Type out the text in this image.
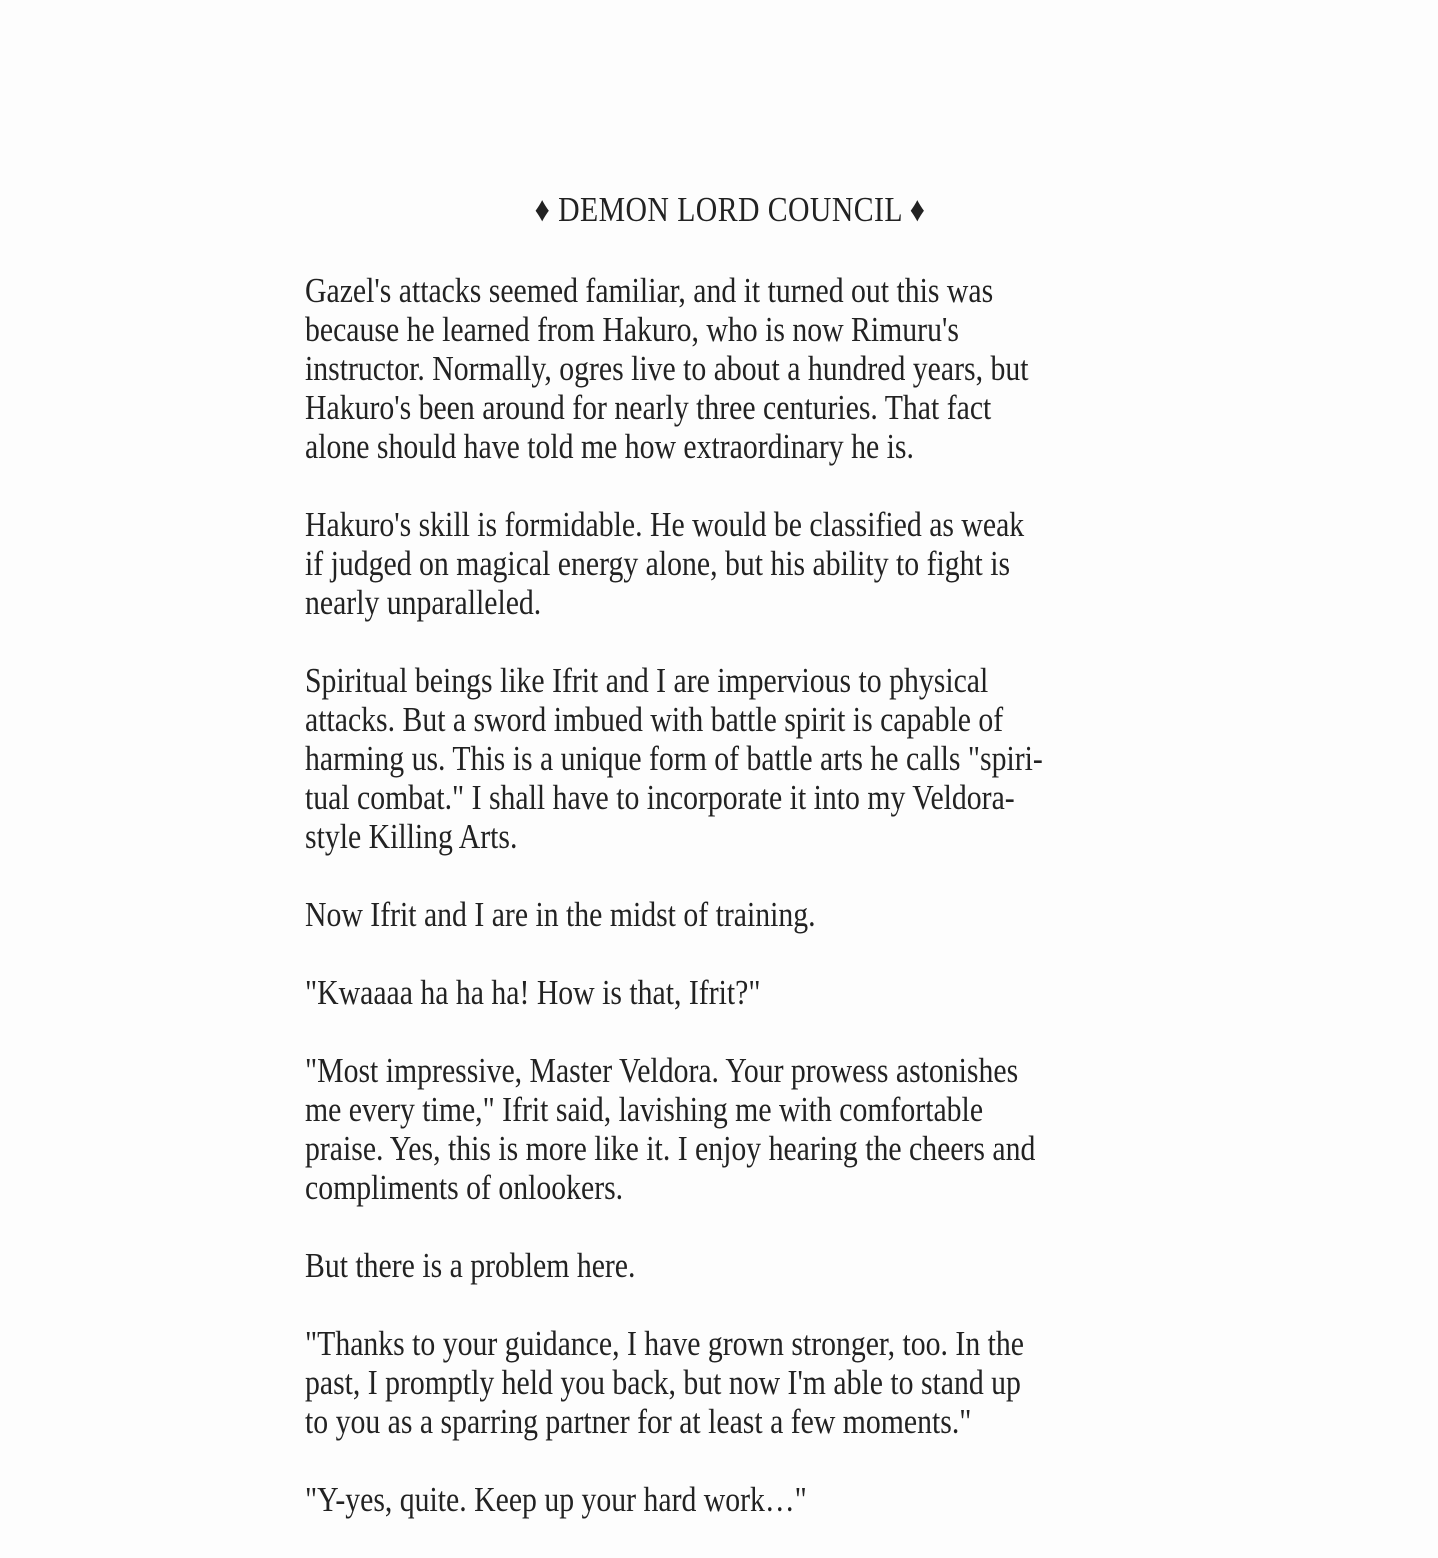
♦ DEMON LORD COUNCIL ♦

Gazel's attacks seemed familiar, and it turned out this was
because he learned from Hakuro, who is now Rimuru's
instructor. Normally, ogres live to about a hundred years, but
Hakuro's been around for nearly three centuries. That fact
alone should have told me how extraordinary he is.

Hakuro's skill is formidable. He would be classified as weak
if judged on magical energy alone, but his ability to fight is
nearly unparalleled.

Spiritual beings like Ifrit and I are impervious to physical
attacks. But a sword imbued with battle spirit is capable of
harming us. This is a unique form of battle arts he calls "spiri-
tual combat." I shall have to incorporate it into my Veldora-
style Killing Arts.

Now Ifrit and I are in the midst of training.

"Kwaaaa ha ha ha! How is that, Ifrit?"

"Most impressive, Master Veldora. Your prowess astonishes
me every time," Ifrit said, lavishing me with comfortable
praise. Yes, this is more like it. I enjoy hearing the cheers and
compliments of onlookers.

But there is a problem here.

"Thanks to your guidance, I have grown stronger, too. In the
past, I promptly held you back, but now I'm able to stand up
to you as a sparring partner for at least a few moments."

"Y-yes, quite. Keep up your hard work…"
